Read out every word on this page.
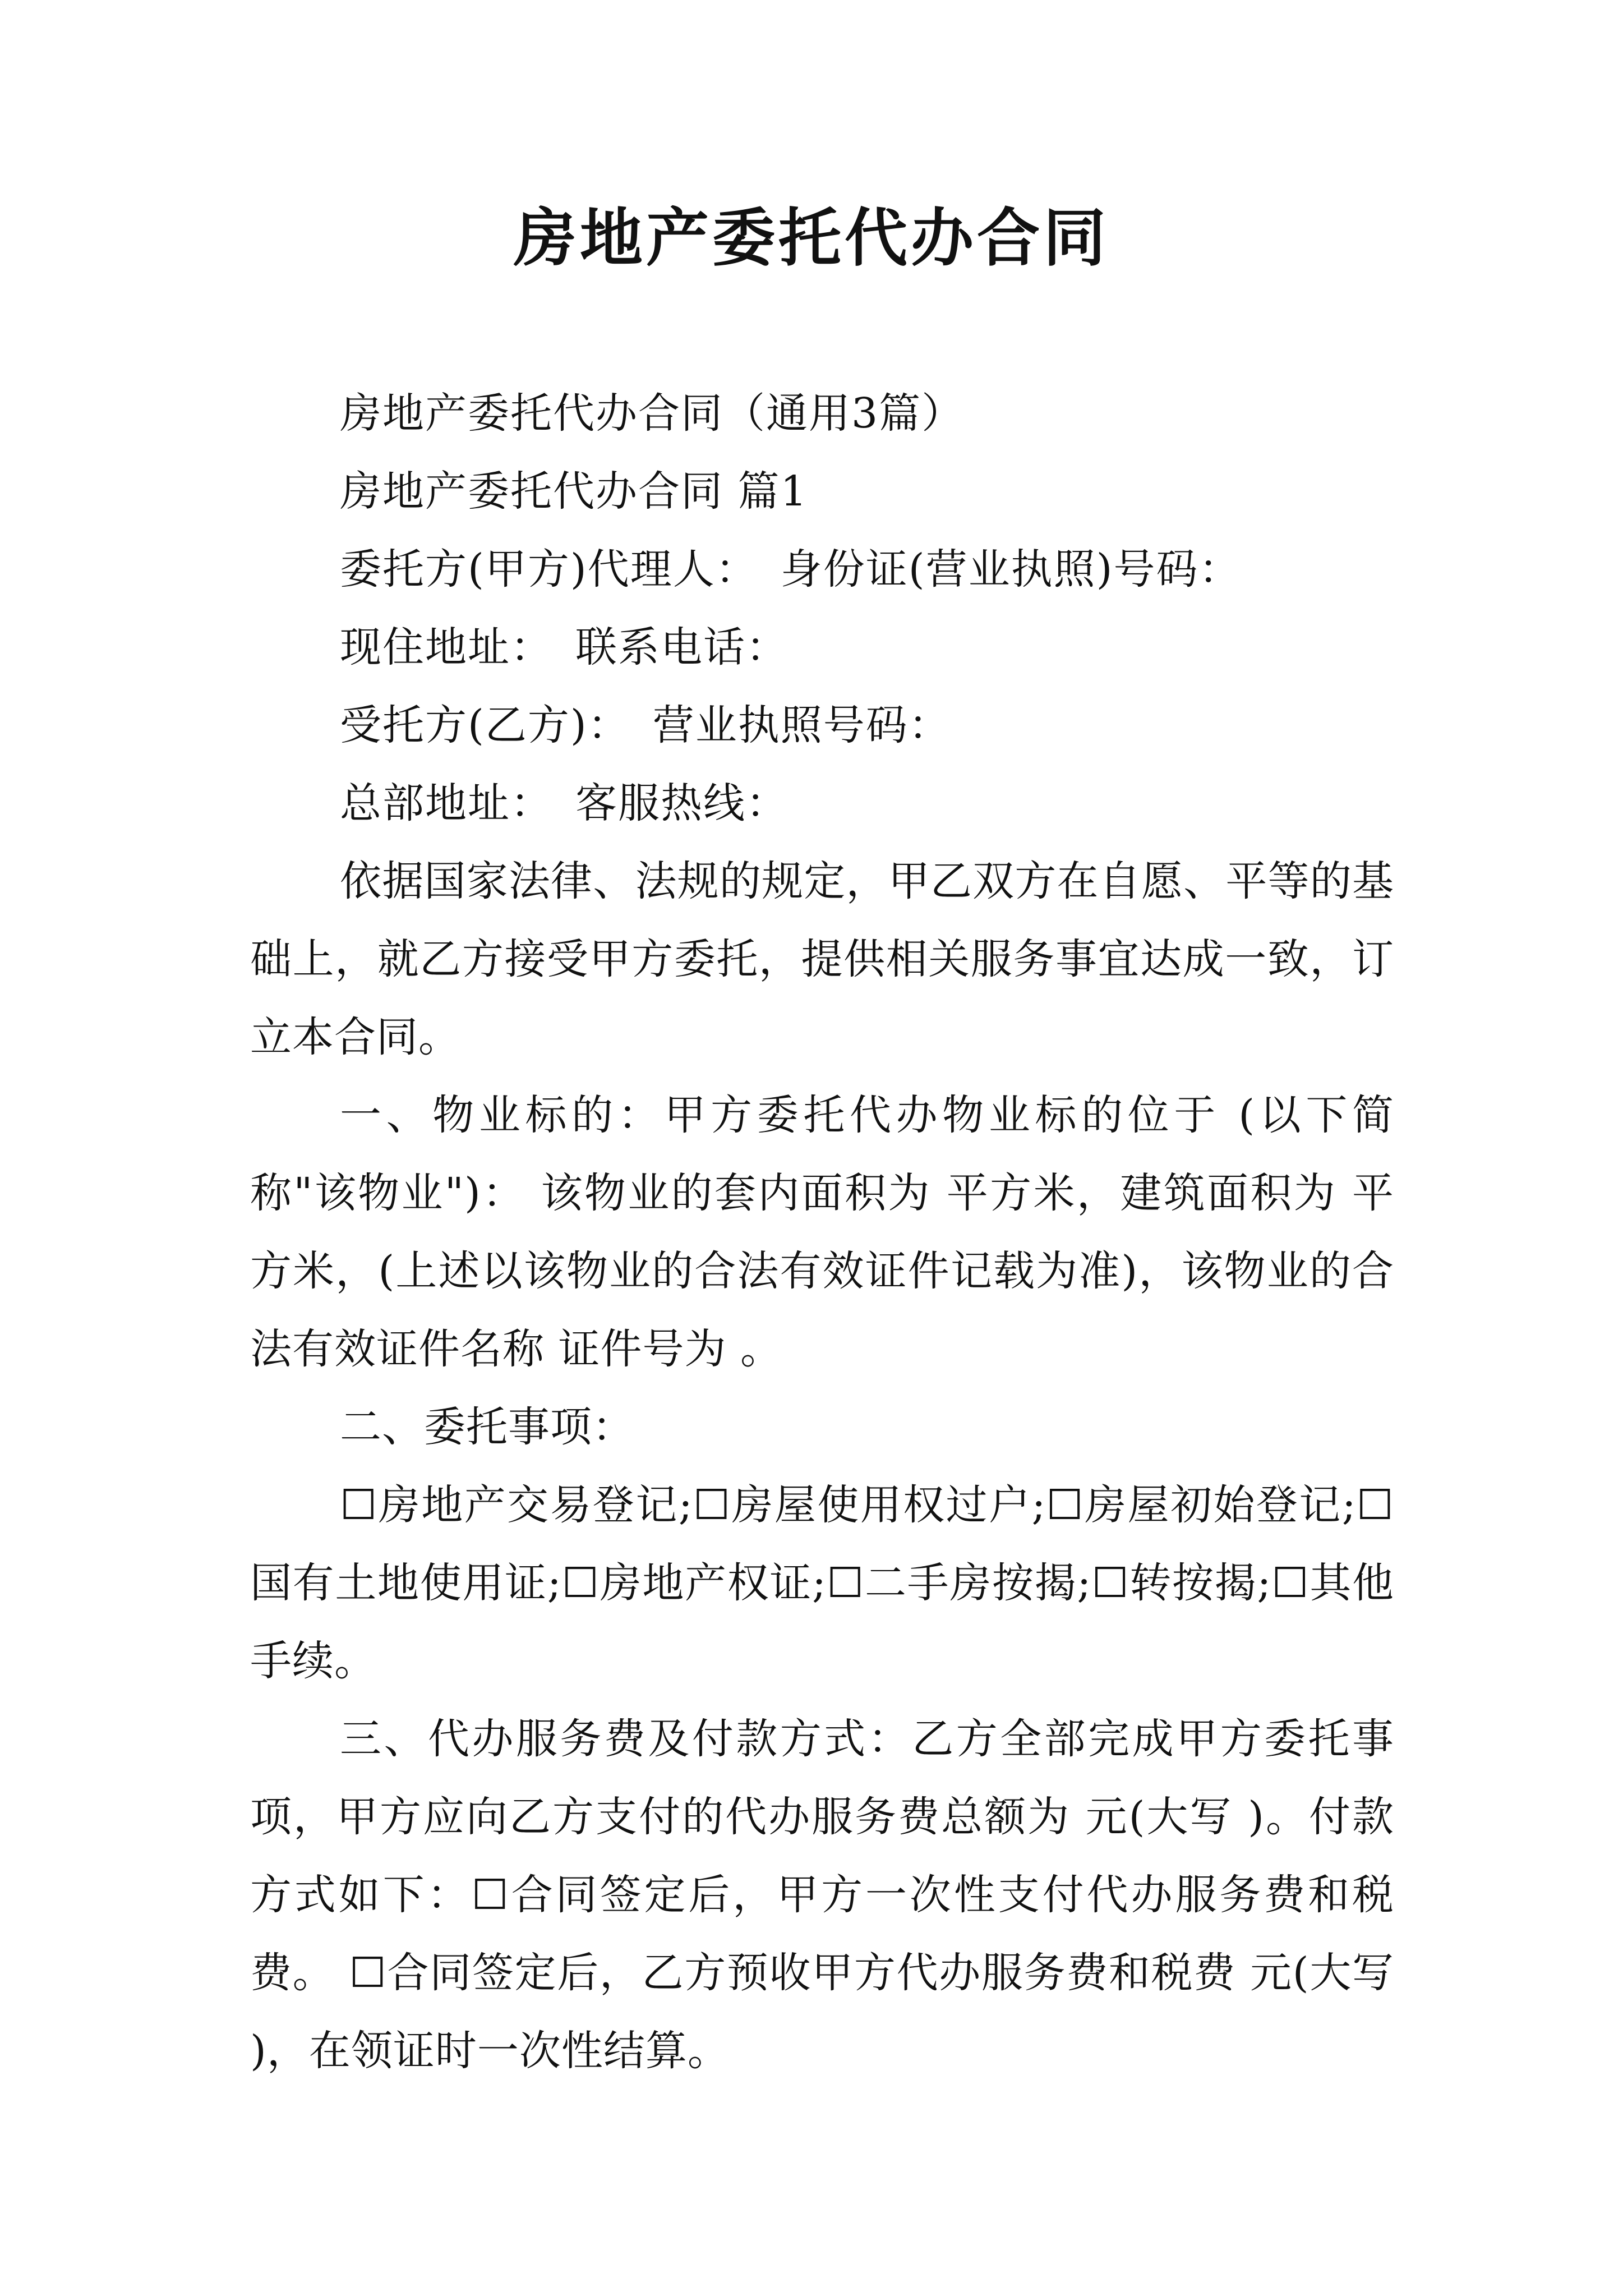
房地产委托代办合同
房地产委托代办合同（通用3篇）
房地产委托代办合同 篇1
委托方(甲方)代理人： 身份证(营业执照)号码：
现住地址： 联系电话：
受托方(乙方)： 营业执照号码：
总部地址： 客服热线：

依据国家法律、法规的规定，甲乙双方在自愿、平等的基础上，就乙方接受甲方委托，提供相关服务事宜达成一致，订立本合同。

一、物业标的：甲方委托代办物业标的位于 (以下简称"该物业")： 该物业的套内面积为 平方米，建筑面积为 平方米，(上述以该物业的合法有效证件记载为准)，该物业的合法有效证件名称 证件号为 。

二、委托事项：

☐房地产交易登记;☐房屋使用权过户;☐房屋初始登记;☐国有土地使用证;☐房地产权证;☐二手房按揭;☐转按揭;☐其他手续。

三、代办服务费及付款方式：乙方全部完成甲方委托事项，甲方应向乙方支付的代办服务费总额为 元(大写 )。付款方式如下：☐合同签定后，甲方一次性支付代办服务费和税费。 ☐合同签定后，乙方预收甲方代办服务费和税费 元(大写 )，在领证时一次性结算。
